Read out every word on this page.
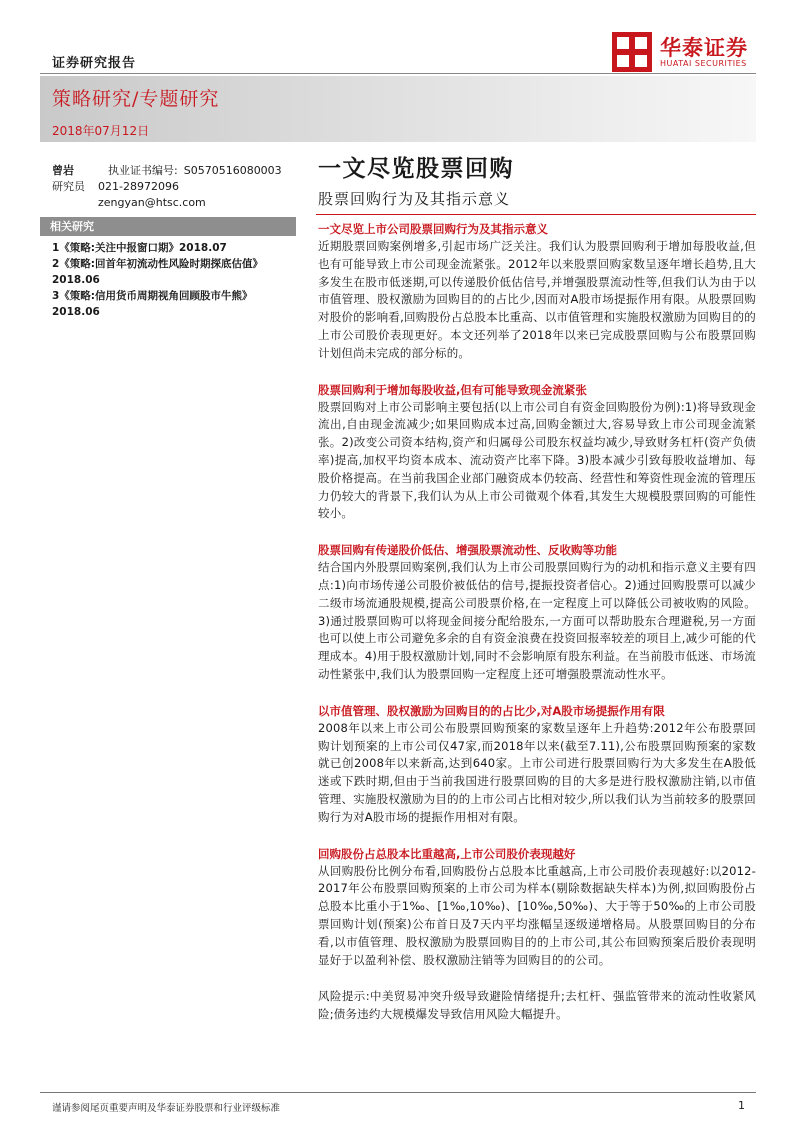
证券研究报告
华泰证券
HUATAI SECURITIES
策略研究/专题研究
2018年07月12日
曾岩	执业证书编号: S0570516080003
研究员	021-28972096
zengyan@htsc.com
相关研究
1《策略:关注中报窗口期》2018.07
2《策略:回首年初流动性风险时期探底估值》2018.06
3《策略:信用货币周期视角回顾股市牛熊》2018.06
一文尽览股票回购
股票回购行为及其指示意义

一文尽览上市公司股票回购行为及其指示意义

近期股票回购案例增多,引起市场广泛关注。我们认为股票回购利于增加每股收益,但也有可能导致上市公司现金流紧张。2012年以来股票回购家数呈逐年增长趋势,且大多发生在股市低迷期,可以传递股价低估信号,并增强股票流动性等,但我们认为由于以市值管理、股权激励为回购目的的占比少,因而对A股市场提振作用有限。从股票回购对股价的影响看,回购股份占总股本比重高、以市值管理和实施股权激励为回购目的的上市公司股价表现更好。本文还列举了2018年以来已完成股票回购与公布股票回购计划但尚未完成的部分标的。

股票回购利于增加每股收益,但有可能导致现金流紧张

股票回购对上市公司影响主要包括(以上市公司自有资金回购股份为例):1)将导致现金流出,自由现金流减少;如果回购成本过高,回购金额过大,容易导致上市公司现金流紧张。2)改变公司资本结构,资产和归属母公司股东权益均减少,导致财务杠杆(资产负债率)提高,加权平均资本成本、流动资产比率下降。3)股本减少引致每股收益增加、每股价格提高。在当前我国企业部门融资成本仍较高、经营性和筹资性现金流的管理压力仍较大的背景下,我们认为从上市公司微观个体看,其发生大规模股票回购的可能性较小。

股票回购有传递股价低估、增强股票流动性、反收购等功能

结合国内外股票回购案例,我们认为上市公司股票回购行为的动机和指示意义主要有四点:1)向市场传递公司股价被低估的信号,提振投资者信心。2)通过回购股票可以减少二级市场流通股规模,提高公司股票价格,在一定程度上可以降低公司被收购的风险。3)通过股票回购可以将现金间接分配给股东,一方面可以帮助股东合理避税,另一方面也可以使上市公司避免多余的自有资金浪费在投资回报率较差的项目上,减少可能的代理成本。4)用于股权激励计划,同时不会影响原有股东利益。在当前股市低迷、市场流动性紧张中,我们认为股票回购一定程度上还可增强股票流动性水平。

以市值管理、股权激励为回购目的的占比少,对A股市场提振作用有限

2008年以来上市公司公布股票回购预案的家数呈逐年上升趋势:2012年公布股票回购计划预案的上市公司仅47家,而2018年以来(截至7.11),公布股票回购预案的家数就已创2008年以来新高,达到640家。上市公司进行股票回购行为大多发生在A股低迷或下跌时期,但由于当前我国进行股票回购的目的大多是进行股权激励注销,以市值管理、实施股权激励为目的的上市公司占比相对较少,所以我们认为当前较多的股票回购行为对A股市场的提振作用相对有限。

回购股份占总股本比重越高,上市公司股价表现越好

从回购股份比例分布看,回购股份占总股本比重越高,上市公司股价表现越好:以2012-2017年公布股票回购预案的上市公司为样本(剔除数据缺失样本)为例,拟回购股份占总股本比重小于1‰、[1‰,10‰)、[10‰,50‰)、大于等于50‰的上市公司股票回购计划(预案)公布首日及7天内平均涨幅呈逐级递增格局。从股票回购目的分布看,以市值管理、股权激励为股票回购目的的上市公司,其公布回购预案后股价表现明显好于以盈利补偿、股权激励注销等为回购目的的公司。

风险提示:中美贸易冲突升级导致避险情绪提升;去杠杆、强监管带来的流动性收紧风险;债务违约大规模爆发导致信用风险大幅提升。

谨请参阅尾页重要声明及华泰证券股票和行业评级标准	1
